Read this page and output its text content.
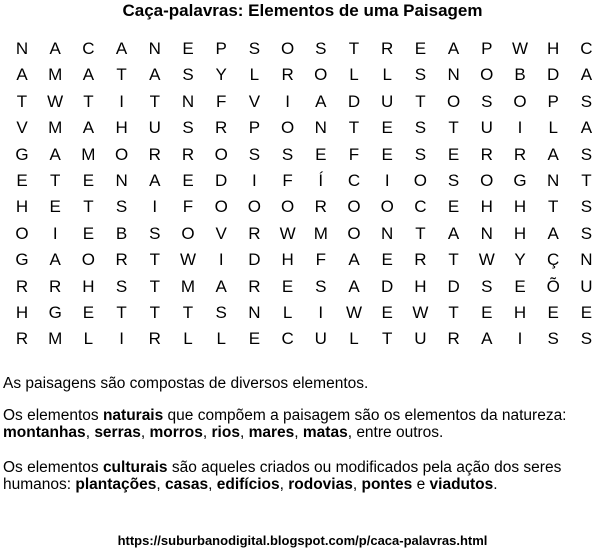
Caça-palavras: Elementos de uma Paisagem
N	A	C	A	N	E	P	S	O	S	T	R	E	A	P	W	H	C
A	M	A	T	A	S	Y	L	R	O	L	L	S	N	O	B	D	A
T	W	T	I	T	N	F	V	I	A	D	U	T	O	S	O	P	S
V	M	A	H	U	S	R	P	O	N	T	E	S	T	U	I	L	A
G	A	M	O	R	R	O	S	S	E	F	E	S	E	R	R	A	S
E	T	E	N	A	E	D	I	F	Í	C	I	O	S	O	G	N	T
H	E	T	S	I	F	O	O	O	R	O	O	C	E	H	H	T	S
O	I	E	B	S	O	V	R	W	M	O	N	T	A	N	H	A	S
G	A	O	R	T	W	I	D	H	F	A	E	R	T	W	Y	Ç	N
R	R	H	S	T	M	A	R	E	S	A	D	H	D	S	E	Õ	U
H	G	E	T	T	T	S	N	L	I	W	E	W	T	E	H	E	E
R	M	L	I	R	L	L	E	C	U	L	T	U	R	A	I	S	S
As paisagens são compostas de diversos elementos.
Os elementos naturais que compõem a paisagem são os elementos da natureza: montanhas, serras, morros, rios, mares, matas, entre outros.
Os elementos culturais são aqueles criados ou modificados pela ação dos seres humanos: plantações, casas, edifícios, rodovias, pontes e viadutos.
https://suburbanodigital.blogspot.com/p/caca-palavras.html
